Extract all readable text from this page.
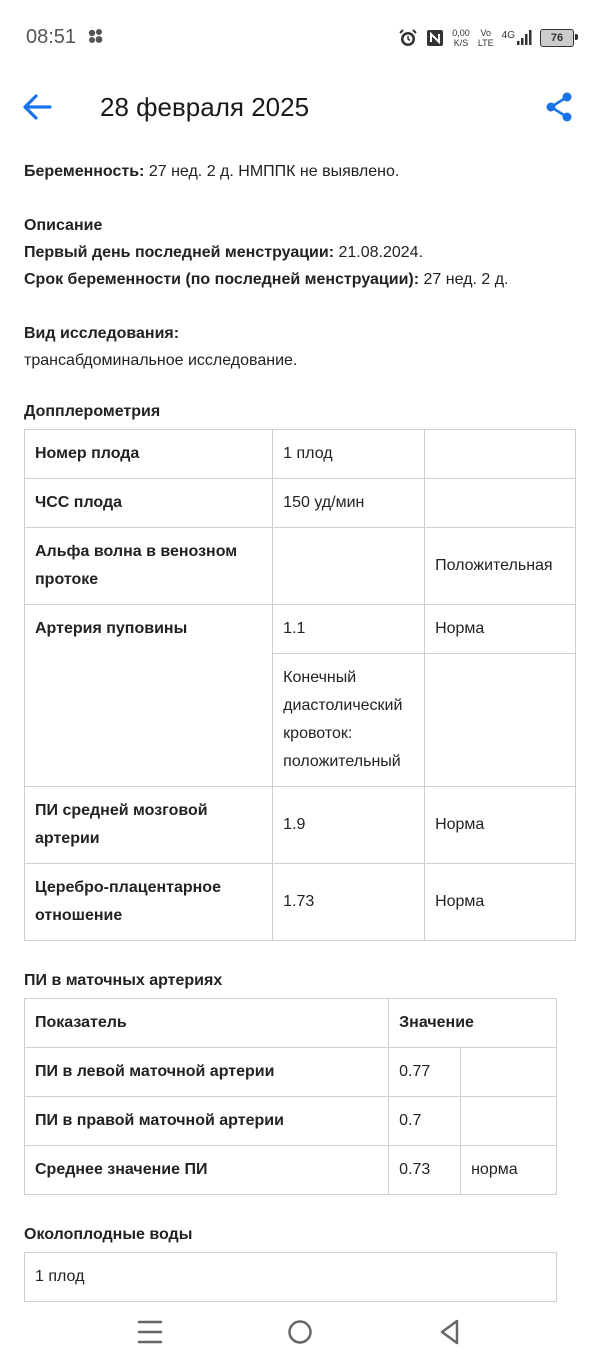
08:51	0,00
K/S
Vo
LTE
4G	76
28 февраля 2025

Беременность: 27 нед. 2 д. НМППК не выявлено.

Описание

Первый день последней менструации: 21.08.2024.

Срок беременности (по последней менструации): 27 нед. 2 д.

Вид исследования:

трансабдоминальное исследование.

Допплерометрия
Номер плода	1 плод	
ЧСС плода	150 уд/мин	
Альфа волна в венозном протоке		Положительная
Артерия пуповины	1.1	Норма
	Конечный диастолический кровоток: положительный	
ПИ средней мозговой артерии	1.9	Норма
Церебро-плацентарное отношение	1.73	Норма
ПИ в маточных артериях
Показатель	Значение	
ПИ в левой маточной артерии	0.77	
ПИ в правой маточной артерии	0.7	
Среднее значение ПИ	0.73	норма
Околоплодные воды
1 плод
